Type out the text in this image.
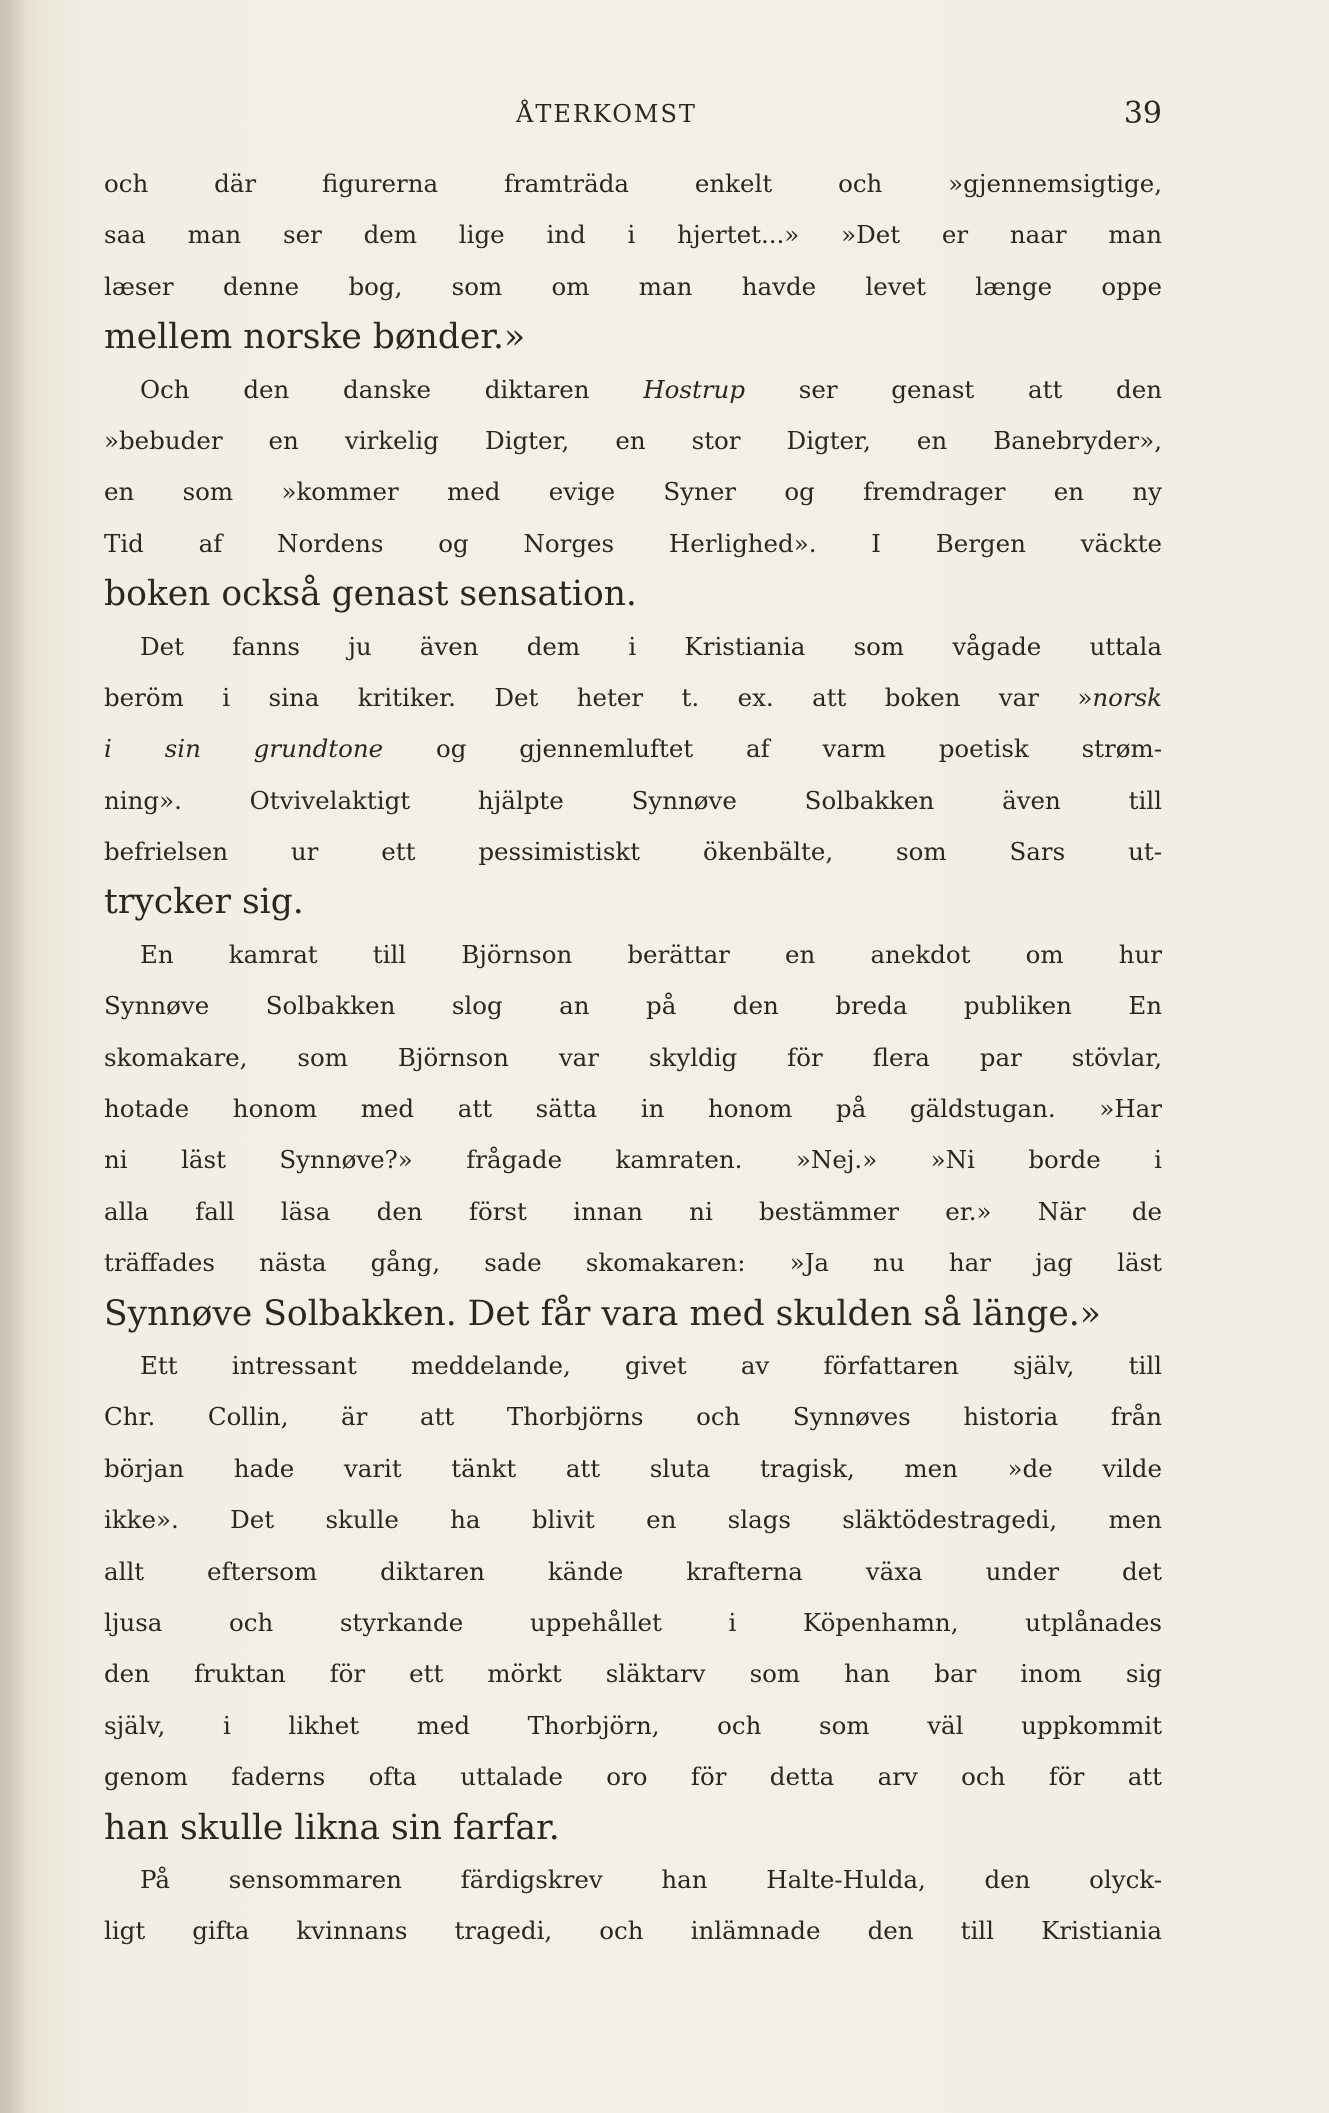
ÅTERKOMST	39
och där figurerna framträda enkelt och »gjennemsigtige,
saa man ser dem lige ind i hjertet...» »Det er naar man
læser denne bog, som om man havde levet længe oppe
mellem norske bønder.»
Och den danske diktaren Hostrup ser genast att den
»bebuder en virkelig Digter, en stor Digter, en Banebryder»,
en som »kommer med evige Syner og fremdrager en ny
Tid af Nordens og Norges Herlighed». I Bergen väckte
boken också genast sensation.
Det fanns ju även dem i Kristiania som vågade uttala
beröm i sina kritiker. Det heter t. ex. att boken var »norsk
i sin grundtone og gjennemluftet af varm poetisk strøm-
ning». Otvivelaktigt hjälpte Synnøve Solbakken även till
befrielsen ur ett pessimistiskt ökenbälte, som Sars ut-
trycker sig.
En kamrat till Björnson berättar en anekdot om hur
Synnøve Solbakken slog an på den breda publiken En
skomakare, som Björnson var skyldig för flera par stövlar,
hotade honom med att sätta in honom på gäldstugan. »Har
ni läst Synnøve?» frågade kamraten. »Nej.» »Ni borde i
alla fall läsa den först innan ni bestämmer er.» När de
träffades nästa gång, sade skomakaren: »Ja nu har jag läst
Synnøve Solbakken. Det får vara med skulden så länge.»
Ett intressant meddelande, givet av författaren själv, till
Chr. Collin, är att Thorbjörns och Synnøves historia från
början hade varit tänkt att sluta tragisk, men »de vilde
ikke». Det skulle ha blivit en slags släktödestragedi, men
allt eftersom diktaren kände krafterna växa under det
ljusa och styrkande uppehållet i Köpenhamn, utplånades
den fruktan för ett mörkt släktarv som han bar inom sig
själv, i likhet med Thorbjörn, och som väl uppkommit
genom faderns ofta uttalade oro för detta arv och för att
han skulle likna sin farfar.
På sensommaren färdigskrev han Halte-Hulda, den olyck-
ligt gifta kvinnans tragedi, och inlämnade den till Kristiania
